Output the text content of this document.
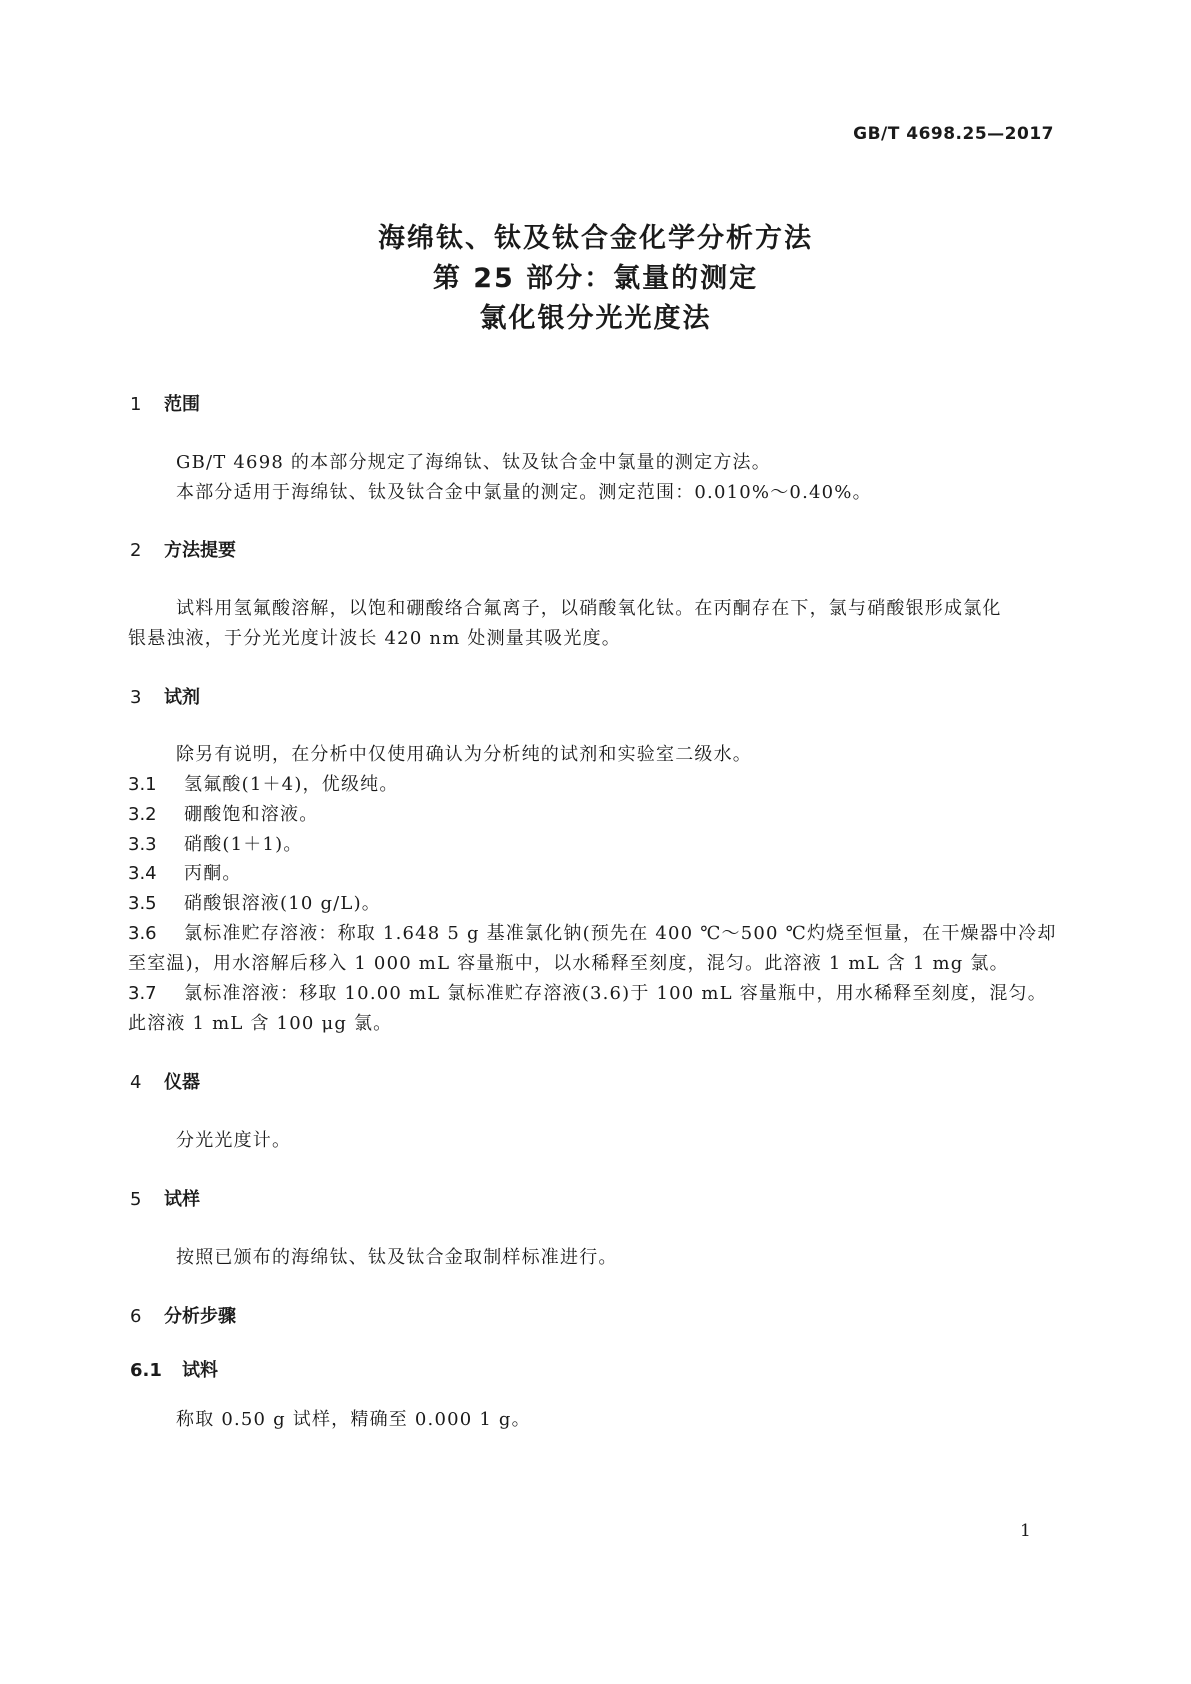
GB/T 4698.25—2017
海绵钛、钛及钛合金化学分析方法
第 25 部分：氯量的测定
氯化银分光光度法
1 范围
GB/T 4698 的本部分规定了海绵钛、钛及钛合金中氯量的测定方法。
本部分适用于海绵钛、钛及钛合金中氯量的测定。测定范围：0.010%～0.40%。
2 方法提要
试料用氢氟酸溶解，以饱和硼酸络合氟离子，以硝酸氧化钛。在丙酮存在下，氯与硝酸银形成氯化
银悬浊液，于分光光度计波长 420 nm 处测量其吸光度。
3 试剂
除另有说明，在分析中仅使用确认为分析纯的试剂和实验室二级水。
3.1 氢氟酸(1＋4)，优级纯。
3.2 硼酸饱和溶液。
3.3 硝酸(1＋1)。
3.4 丙酮。
3.5 硝酸银溶液(10 g/L)。
3.6 氯标准贮存溶液：称取 1.648 5 g 基准氯化钠(预先在 400 ℃～500 ℃灼烧至恒量，在干燥器中冷却
至室温)，用水溶解后移入 1 000 mL 容量瓶中，以水稀释至刻度，混匀。此溶液 1 mL 含 1 mg 氯。
3.7 氯标准溶液：移取 10.00 mL 氯标准贮存溶液(3.6)于 100 mL 容量瓶中，用水稀释至刻度，混匀。
此溶液 1 mL 含 100 μg 氯。
4 仪器
分光光度计。
5 试样
按照已颁布的海绵钛、钛及钛合金取制样标准进行。
6 分析步骤
6.1 试料
称取 0.50 g 试样，精确至 0.000 1 g。
1
